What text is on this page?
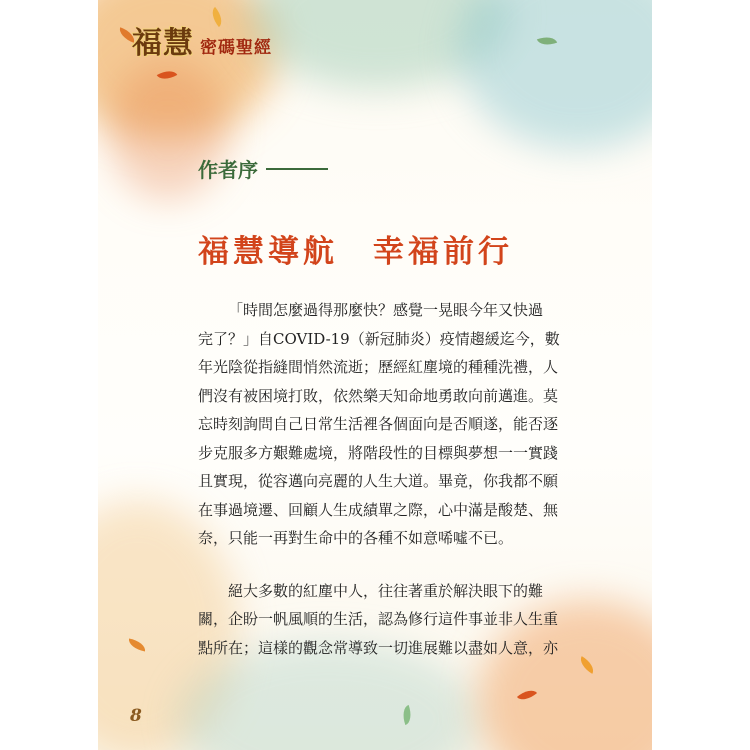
福慧 密碼聖經
作者序
福慧導航　幸福前行

「時間怎麼過得那麼快？感覺一晃眼今年又快過
完了？」自COVID-19（新冠肺炎）疫情趨緩迄今，數
年光陰從指縫間悄然流逝；歷經紅塵境的種種洗禮，人
們沒有被困境打敗，依然樂天知命地勇敢向前邁進。莫
忘時刻詢問自己日常生活裡各個面向是否順遂，能否逐
步克服多方艱難處境，將階段性的目標與夢想一一實踐
且實現，從容邁向亮麗的人生大道。畢竟，你我都不願
在事過境遷、回顧人生成績單之際，心中滿是酸楚、無
奈，只能一再對生命中的各種不如意唏噓不已。

絕大多數的紅塵中人，往往著重於解決眼下的難
關，企盼一帆風順的生活，認為修行這件事並非人生重
點所在；這樣的觀念常導致一切進展難以盡如人意，亦

8
